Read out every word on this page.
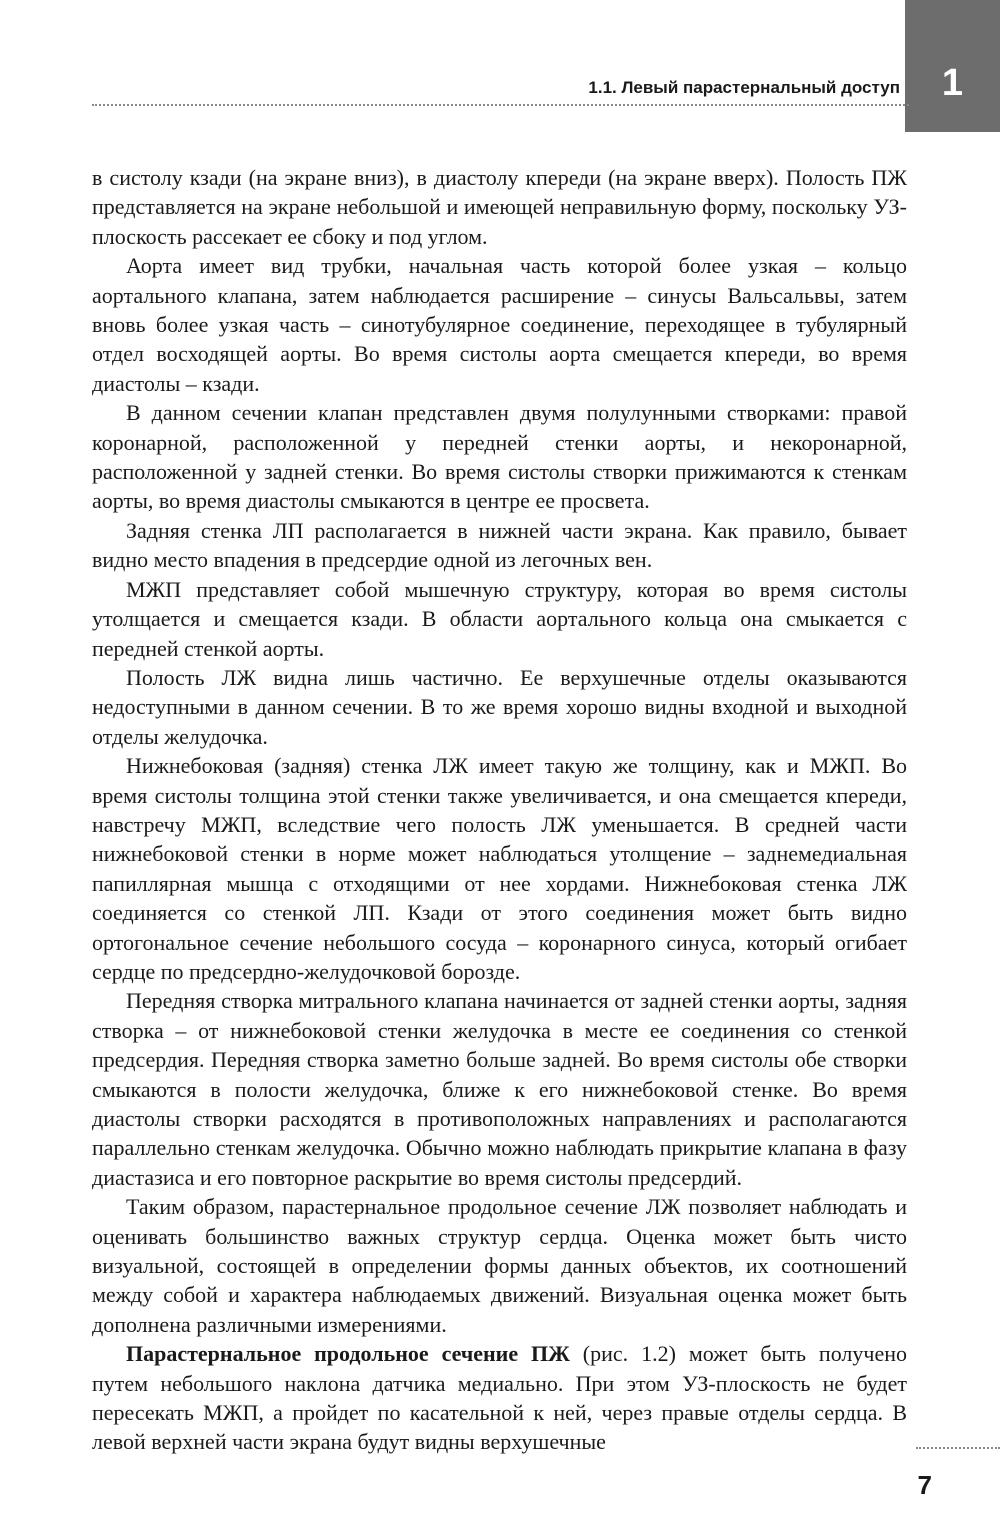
1
1.1. Левый парастернальный доступ

в систолу кзади (на экране вниз), в диастолу кпереди (на экране вверх). Полость ПЖ представляется на экране небольшой и имеющей неправильную форму, поскольку УЗ-плоскость рассекает ее сбоку и под углом.

Аорта имеет вид трубки, начальная часть которой более узкая – кольцо аортального клапана, затем наблюдается расширение – синусы Вальсальвы, затем вновь более узкая часть – синотубулярное соединение, переходящее в тубулярный отдел восходящей аорты. Во время систолы аорта смещается кпереди, во время диастолы – кзади.

В данном сечении клапан представлен двумя полулунными створками: правой коронарной, расположенной у передней стенки аорты, и некоронарной, расположенной у задней стенки. Во время систолы створки прижимаются к стенкам аорты, во время диастолы смыкаются в центре ее просвета.

Задняя стенка ЛП располагается в нижней части экрана. Как правило, бывает видно место впадения в предсердие одной из легочных вен.

МЖП представляет собой мышечную структуру, которая во время систолы утолщается и смещается кзади. В области аортального кольца она смыкается с передней стенкой аорты.

Полость ЛЖ видна лишь частично. Ее верхушечные отделы оказываются недоступными в данном сечении. В то же время хорошо видны входной и выходной отделы желудочка.

Нижнебоковая (задняя) стенка ЛЖ имеет такую же толщину, как и МЖП. Во время систолы толщина этой стенки также увеличивается, и она смещается кпереди, навстречу МЖП, вследствие чего полость ЛЖ уменьшается. В средней части нижнебоковой стенки в норме может наблюдаться утолщение – заднемедиальная папиллярная мышца с отходящими от нее хордами. Нижнебоковая стенка ЛЖ соединяется со стенкой ЛП. Кзади от этого соединения может быть видно ортогональное сечение небольшого сосуда – коронарного синуса, который огибает сердце по предсердно-желудочковой борозде.

Передняя створка митрального клапана начинается от задней стенки аорты, задняя створка – от нижнебоковой стенки желудочка в месте ее соединения со стенкой предсердия. Передняя створка заметно больше задней. Во время систолы обе створки смыкаются в полости желудочка, ближе к его нижнебоковой стенке. Во время диастолы створки расходятся в противоположных направлениях и располагаются параллельно стенкам желудочка. Обычно можно наблюдать прикрытие клапана в фазу диастазиса и его повторное раскрытие во время систолы предсердий.

Таким образом, парастернальное продольное сечение ЛЖ позволяет наблюдать и оценивать большинство важных структур сердца. Оценка может быть чисто визуальной, состоящей в определении формы данных объектов, их соотношений между собой и характера наблюдаемых движений. Визуальная оценка может быть дополнена различными измерениями.

Парастернальное продольное сечение ПЖ (рис. 1.2) может быть получено путем небольшого наклона датчика медиально. При этом УЗ-плоскость не будет пересекать МЖП, а пройдет по касательной к ней, через правые отделы сердца. В левой верхней части экрана будут видны верхушечные

7
